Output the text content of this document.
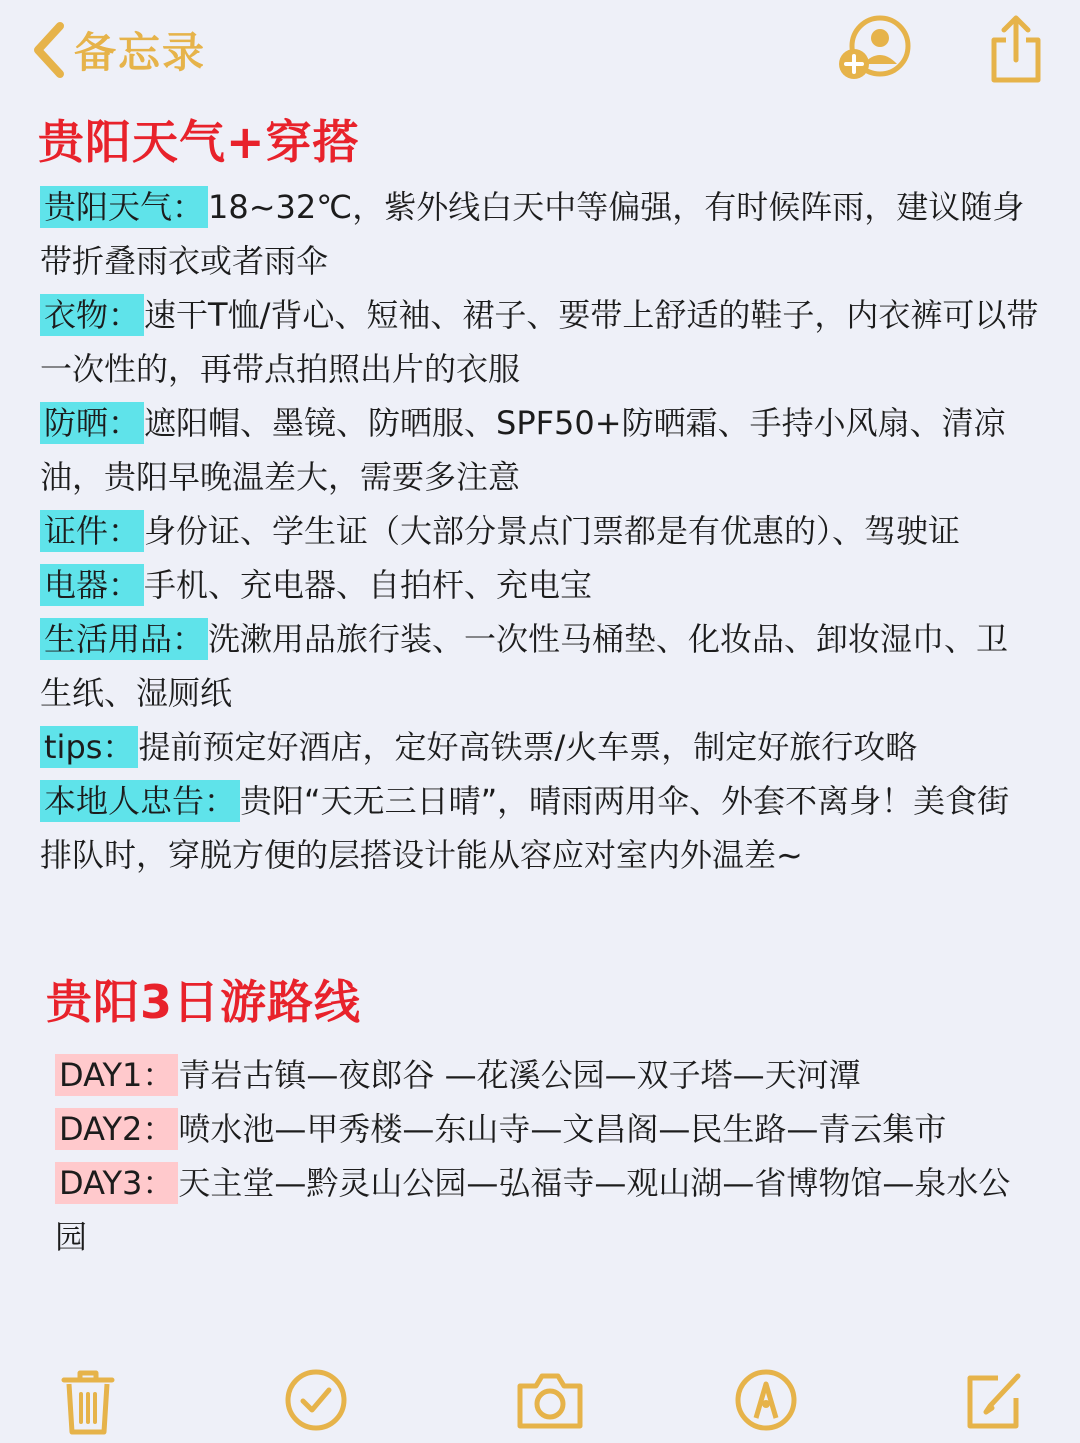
备忘录
贵阳天气+穿搭

贵阳天气： 18~32℃，紫外线白天中等偏强，有时候阵雨，建议随身带折叠雨衣或者雨伞

衣物： 速干T恤/背心、短袖、裙子、要带上舒适的鞋子，内衣裤可以带一次性的，再带点拍照出片的衣服

防晒： 遮阳帽、墨镜、防晒服、SPF50+防晒霜、手持小风扇、清凉油，贵阳早晚温差大，需要多注意

证件： 身份证、学生证（大部分景点门票都是有优惠的）、驾驶证

电器： 手机、充电器、自拍杆、充电宝

生活用品： 洗漱用品旅行装、一次性马桶垫、化妆品、卸妆湿巾、卫生纸、湿厕纸

tips： 提前预定好酒店，定好高铁票/火车票，制定好旅行攻略

本地人忠告： 贵阳“天无三日晴”，晴雨两用伞、外套不离身！美食街排队时，穿脱方便的层搭设计能从容应对室内外温差~

贵阳3日游路线

DAY1： 青岩古镇—夜郎谷 —花溪公园—双子塔—天河潭

DAY2： 喷水池—甲秀楼—东山寺—文昌阁—民生路—青云集市

DAY3： 天主堂—黔灵山公园—弘福寺—观山湖—省博物馆—泉水公园
